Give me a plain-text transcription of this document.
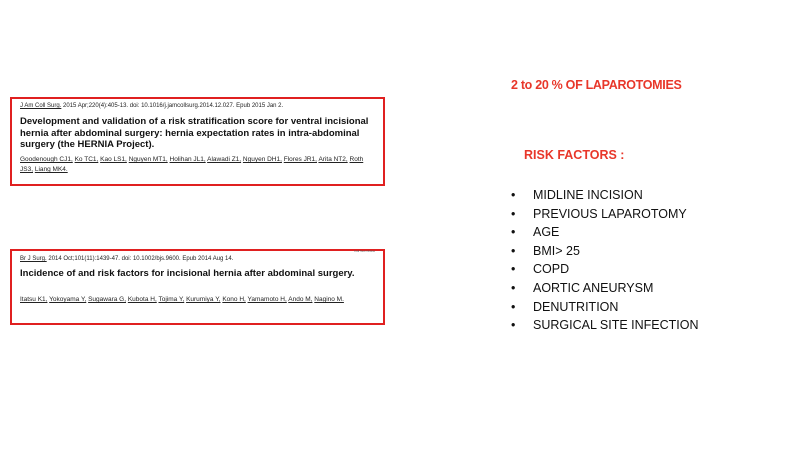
J Am Coll Surg. 2015 Apr;220(4):405-13. doi: 10.1016/j.jamcollsurg.2014.12.027. Epub 2015 Jan 2.
Development and validation of a risk stratification score for ventral incisional hernia after abdominal surgery: hernia expectation rates in intra-abdominal surgery (the HERNIA Project).
Goodenough CJ1, Ko TC1, Kao LS1, Nguyen MT1, Holihan JL1, Alawadi Z1, Nguyen DH1, Flores JR1, Arita NT2, Roth JS3, Liang MK4.
Br J Surg. 2014 Oct;101(11):1439-47. doi: 10.1002/bjs.9600. Epub 2014 Aug 14.
Full Text Online
Incidence of and risk factors for incisional hernia after abdominal surgery.
Itatsu K1, Yokoyama Y, Sugawara G, Kubota H, Tojima Y, Kurumiya Y, Kono H, Yamamoto H, Ando M, Nagino M.
2 to 20 % OF LAPAROTOMIES
RISK FACTORS :
• MIDLINE INCISION
• PREVIOUS LAPAROTOMY
• AGE
• BMI> 25
• COPD
• AORTIC ANEURYSM
• DENUTRITION
• SURGICAL SITE INFECTION
